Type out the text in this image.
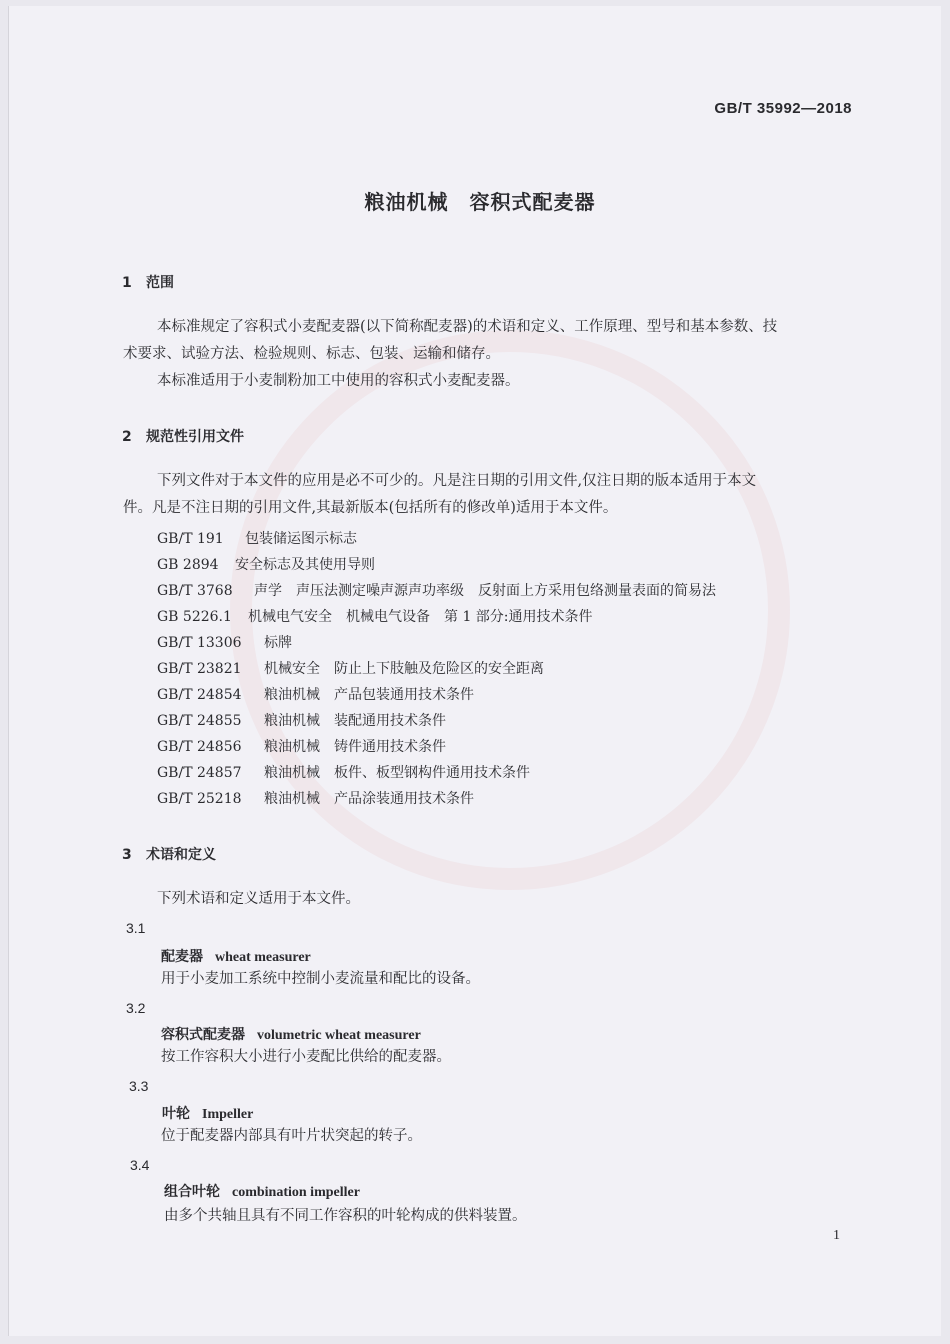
GB/T 35992—2018
粮油机械　容积式配麦器
1 范围
本标准规定了容积式小麦配麦器(以下简称配麦器)的术语和定义、工作原理、型号和基本参数、技
术要求、试验方法、检验规则、标志、包装、运输和储存。
本标准适用于小麦制粉加工中使用的容积式小麦配麦器。
2 规范性引用文件
下列文件对于本文件的应用是必不可少的。凡是注日期的引用文件,仅注日期的版本适用于本文
件。凡是不注日期的引用文件,其最新版本(包括所有的修改单)适用于本文件。
GB/T 191 包装储运图示标志
GB 2894 安全标志及其使用导则
GB/T 3768 声学　声压法测定噪声源声功率级　反射面上方采用包络测量表面的简易法
GB 5226.1 机械电气安全　机械电气设备　第 1 部分:通用技术条件
GB/T 13306 标牌
GB/T 23821 机械安全　防止上下肢触及危险区的安全距离
GB/T 24854 粮油机械　产品包装通用技术条件
GB/T 24855 粮油机械　装配通用技术条件
GB/T 24856 粮油机械　铸件通用技术条件
GB/T 24857 粮油机械　板件、板型钢构件通用技术条件
GB/T 25218 粮油机械　产品涂装通用技术条件
3 术语和定义
下列术语和定义适用于本文件。
3.1
配麦器 wheat measurer
用于小麦加工系统中控制小麦流量和配比的设备。
3.2
容积式配麦器 volumetric wheat measurer
按工作容积大小进行小麦配比供给的配麦器。
3.3
叶轮 Impeller
位于配麦器内部具有叶片状突起的转子。
3.4
组合叶轮 combination impeller
由多个共轴且具有不同工作容积的叶轮构成的供料装置。
1
